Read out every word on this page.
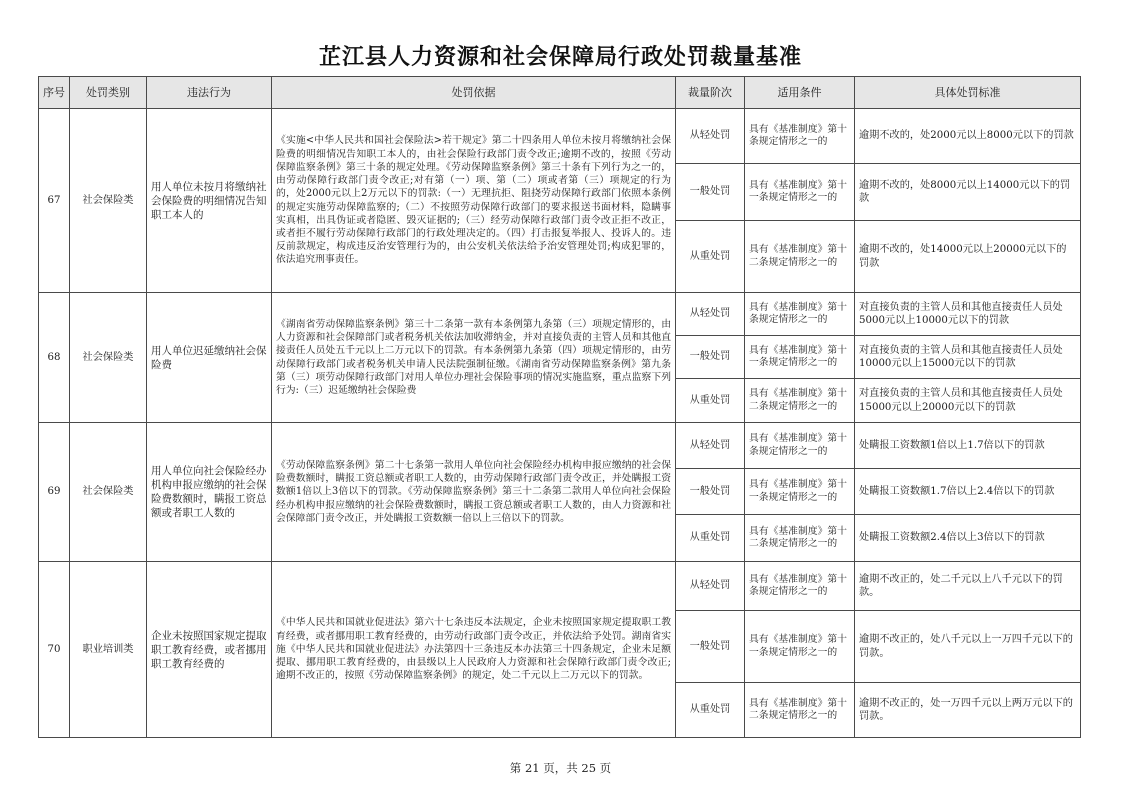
芷江县人力资源和社会保障局行政处罚裁量基准
序号	处罚类别	违法行为	处罚依据	裁量阶次	适用条件	具体处罚标准
67	社会保险类	用人单位未按月将缴纳社会保险费的明细情况告知职工本人的	《实施<中华人民共和国社会保险法>若干规定》第二十四条用人单位未按月将缴纳社会保险费的明细情况告知职工本人的，由社会保险行政部门责令改正;逾期不改的，按照《劳动保障监察条例》第三十条的规定处理。《劳动保障监察条例》第三十条有下列行为之一的，由劳动保障行政部门责令改正;对有第（一）项、第（二）项或者第（三）项规定的行为的，处2000元以上2万元以下的罚款:（一）无理抗拒、阻挠劳动保障行政部门依照本条例的规定实施劳动保障监察的;（二）不按照劳动保障行政部门的要求报送书面材料，隐瞒事实真相，出具伪证或者隐匿、毁灭证据的;（三）经劳动保障行政部门责令改正拒不改正，或者拒不履行劳动保障行政部门的行政处理决定的。（四）打击报复举报人、投诉人的。违反前款规定，构成违反治安管理行为的，由公安机关依法给予治安管理处罚;构成犯罪的，依法追究刑事责任。	从轻处罚	具有《基准制度》第十条规定情形之一的	逾期不改的，处2000元以上8000元以下的罚款
				一般处罚	具有《基准制度》第十一条规定情形之一的	逾期不改的，处8000元以上14000元以下的罚款
				从重处罚	具有《基准制度》第十二条规定情形之一的	逾期不改的，处14000元以上20000元以下的罚款
68	社会保险类	用人单位迟延缴纳社会保险费	《湖南省劳动保障监察条例》第三十二条第一款有本条例第九条第（三）项规定情形的，由人力资源和社会保障部门或者税务机关依法加收滞纳金，并对直接负责的主管人员和其他直接责任人员处五千元以上二万元以下的罚款。有本条例第九条第（四）项规定情形的，由劳动保障行政部门或者税务机关申请人民法院强制征缴。《湖南省劳动保障监察条例》第九条第（三）项劳动保障行政部门对用人单位办理社会保险事项的情况实施监察，重点监察下列行为:（三）迟延缴纳社会保险费	从轻处罚	具有《基准制度》第十条规定情形之一的	对直接负责的主管人员和其他直接责任人员处5000元以上10000元以下的罚款
				一般处罚	具有《基准制度》第十一条规定情形之一的	对直接负责的主管人员和其他直接责任人员处10000元以上15000元以下的罚款
				从重处罚	具有《基准制度》第十二条规定情形之一的	对直接负责的主管人员和其他直接责任人员处15000元以上20000元以下的罚款
69	社会保险类	用人单位向社会保险经办机构申报应缴纳的社会保险费数额时，瞒报工资总额或者职工人数的	《劳动保障监察条例》第二十七条第一款用人单位向社会保险经办机构申报应缴纳的社会保险费数额时，瞒报工资总额或者职工人数的，由劳动保障行政部门责令改正，并处瞒报工资数额1倍以上3倍以下的罚款。《劳动保障监察条例》第三十二条第二款用人单位向社会保险经办机构申报应缴纳的社会保险费数额时，瞒报工资总额或者职工人数的，由人力资源和社会保障部门责令改正，并处瞒报工资数额一倍以上三倍以下的罚款。	从轻处罚	具有《基准制度》第十条规定情形之一的	处瞒报工资数额1倍以上1.7倍以下的罚款
				一般处罚	具有《基准制度》第十一条规定情形之一的	处瞒报工资数额1.7倍以上2.4倍以下的罚款
				从重处罚	具有《基准制度》第十二条规定情形之一的	处瞒报工资数额2.4倍以上3倍以下的罚款
70	职业培训类	企业未按照国家规定提取职工教育经费，或者挪用职工教育经费的	《中华人民共和国就业促进法》第六十七条违反本法规定，企业未按照国家规定提取职工教育经费，或者挪用职工教育经费的，由劳动行政部门责令改正，并依法给予处罚。湖南省实施《中华人民共和国就业促进法》办法第四十三条违反本办法第三十四条规定，企业未足额提取、挪用职工教育经费的，由县级以上人民政府人力资源和社会保障行政部门责令改正;逾期不改正的，按照《劳动保障监察条例》的规定，处二千元以上二万元以下的罚款。	从轻处罚	具有《基准制度》第十条规定情形之一的	逾期不改正的，处二千元以上八千元以下的罚款。
				一般处罚	具有《基准制度》第十一条规定情形之一的	逾期不改正的，处八千元以上一万四千元以下的罚款。
				从重处罚	具有《基准制度》第十二条规定情形之一的	逾期不改正的，处一万四千元以上两万元以下的罚款。
第 21 页，共 25 页
